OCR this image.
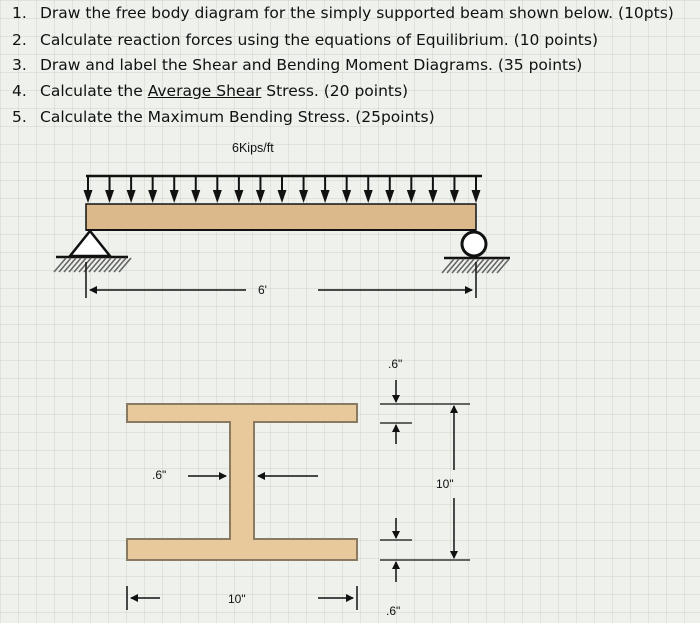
1. Draw the free body diagram for the simply supported beam shown below. (10pts)
2. Calculate reaction forces using the equations of Equilibrium. (10 points)
3. Draw and label the Shear and Bending Moment Diagrams. (35 points)
4. Calculate the Average Shear Stress. (20 points)
5. Calculate the Maximum Bending Stress. (25points)
6Kips/ft
6'
.6"
.6"
10"
10"
.6"
